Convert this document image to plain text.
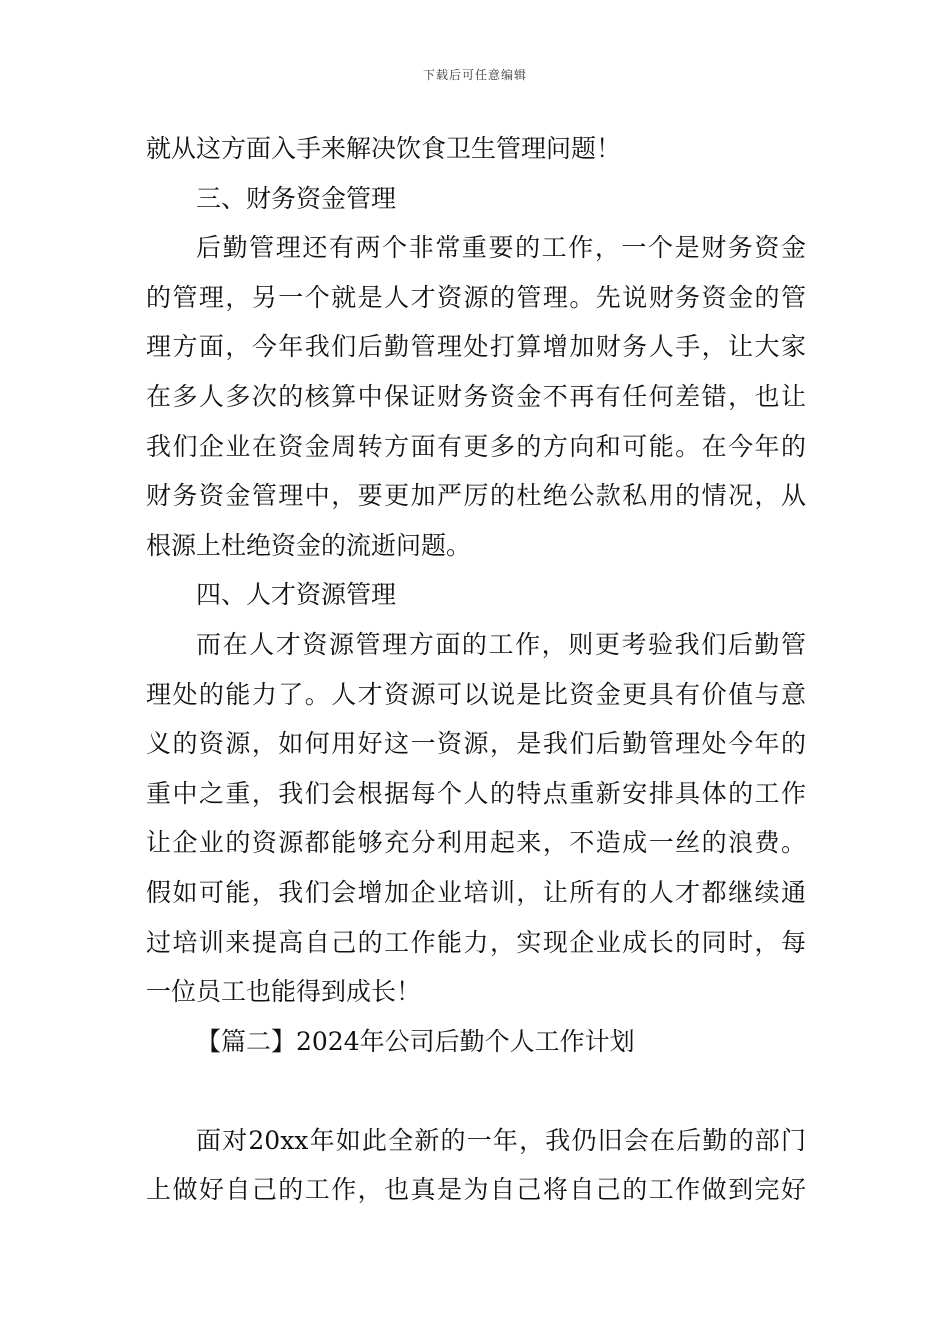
下载后可任意编辑
就从这方面入手来解决饮食卫生管理问题！
三、财务资金管理
后勤管理还有两个非常重要的工作，一个是财务资金
的管理，另一个就是人才资源的管理。先说财务资金的管
理方面，今年我们后勤管理处打算增加财务人手，让大家
在多人多次的核算中保证财务资金不再有任何差错，也让
我们企业在资金周转方面有更多的方向和可能。在今年的
财务资金管理中，要更加严厉的杜绝公款私用的情况，从
根源上杜绝资金的流逝问题。
四、人才资源管理
而在人才资源管理方面的工作，则更考验我们后勤管
理处的能力了。人才资源可以说是比资金更具有价值与意
义的资源，如何用好这一资源，是我们后勤管理处今年的
重中之重，我们会根据每个人的特点重新安排具体的工作
让企业的资源都能够充分利用起来，不造成一丝的浪费。
假如可能，我们会增加企业培训，让所有的人才都继续通
过培训来提高自己的工作能力，实现企业成长的同时，每
一位员工也能得到成长！
【篇二】2024年公司后勤个人工作计划
面对20xx年如此全新的一年，我仍旧会在后勤的部门
上做好自己的工作，也真是为自己将自己的工作做到完好
